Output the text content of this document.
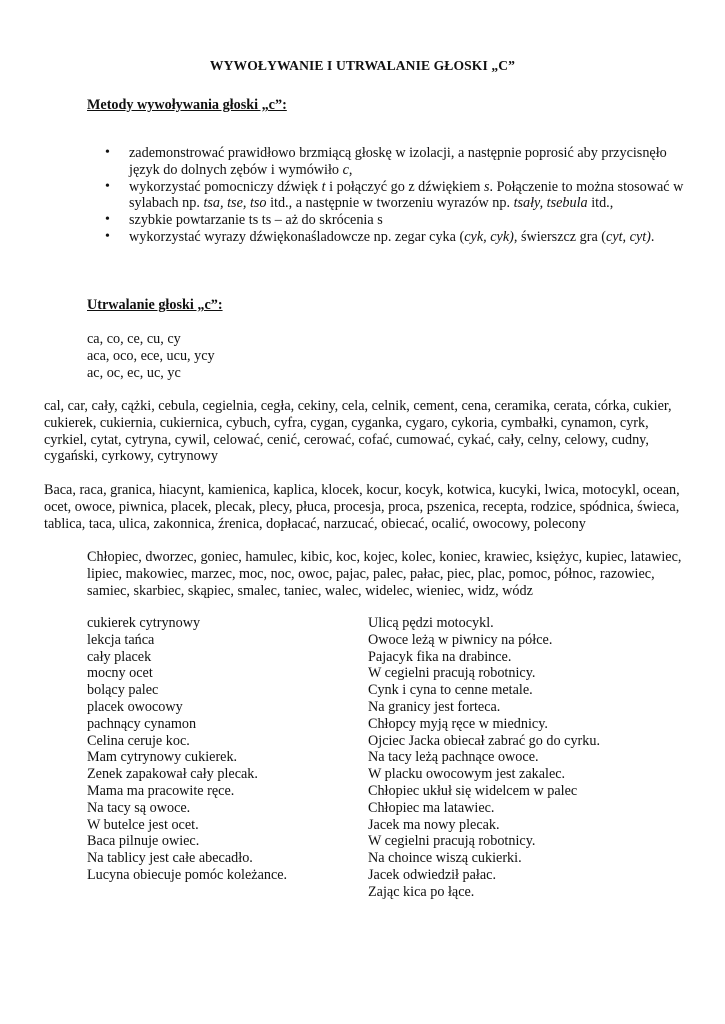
WYWOŁYWANIE I UTRWALANIE GŁOSKI „C”
Metody wywoływania głoski „c”:
• zademonstrować prawidłowo brzmiącą głoskę w izolacji, a następnie poprosić aby przycisnęło język do dolnych zębów i wymówiło c,
• wykorzystać pomocniczy dźwięk t i połączyć go z dźwiękiem s. Połączenie to można stosować w sylabach np. tsa, tse, tso itd., a następnie w tworzeniu wyrazów np. tsały, tsebula itd.,
• szybkie powtarzanie ts ts – aż do skrócenia s
• wykorzystać wyrazy dźwiękonaśladowcze np. zegar cyka (cyk, cyk), świerszcz gra (cyt, cyt).
Utrwalanie głoski „c”:
ca, co, ce, cu, cy
aca, oco, ece, ucu, ycy
ac, oc, ec, uc, yc

cal, car, cały, cążki, cebula, cegielnia, cegła, cekiny, cela, celnik, cement, cena, ceramika, cerata, córka, cukier, cukierek, cukiernia, cukiernica, cybuch, cyfra, cygan, cyganka, cygaro, cykoria, cymbałki, cynamon, cyrk, cyrkiel, cytat, cytryna, cywil, celować, cenić, cerować, cofać, cumować, cykać, cały, celny, celowy, cudny, cygański, cyrkowy, cytrynowy

Baca, raca, granica, hiacynt, kamienica, kaplica, klocek, kocur, kocyk, kotwica, kucyki, lwica, motocykl, ocean, ocet, owoce, piwnica, placek, plecak, plecy, płuca, procesja, proca, pszenica, recepta, rodzice, spódnica, świeca, tablica, taca, ulica, zakonnica, źrenica, dopłacać, narzucać, obiecać, ocalić, owocowy, polecony

Chłopiec, dworzec, goniec, hamulec, kibic, koc, kojec, kolec, koniec, krawiec, księżyc, kupiec, latawiec, lipiec, makowiec, marzec, moc, noc, owoc, pajac, palec, pałac, piec, plac, pomoc, północ, razowiec, samiec, skarbiec, skąpiec, smalec, taniec, walec, widelec, wieniec, widz, wódz

cukierek cytrynowy
lekcja tańca
cały placek
mocny ocet
bolący palec
placek owocowy
pachnący cynamon
Celina ceruje koc.
Mam cytrynowy cukierek.
Zenek zapakował cały plecak.
Mama ma pracowite ręce.
Na tacy są owoce.
W butelce jest ocet.
Baca pilnuje owiec.
Na tablicy jest całe abecadło.
Lucyna obiecuje pomóc koleżance.
Ulicą pędzi motocykl.
Owoce leżą w piwnicy na półce.
Pajacyk fika na drabince.
W cegielni pracują robotnicy.
Cynk i cyna to cenne metale.
Na granicy jest forteca.
Chłopcy myją ręce w miednicy.
Ojciec Jacka obiecał zabrać go do cyrku.
Na tacy leżą pachnące owoce.
W placku owocowym jest zakalec.
Chłopiec ukłuł się widelcem w palec
Chłopiec ma latawiec.
Jacek ma nowy plecak.
W cegielni pracują robotnicy.
Na choince wiszą cukierki.
Jacek odwiedził pałac.
Zając kica po łące.
